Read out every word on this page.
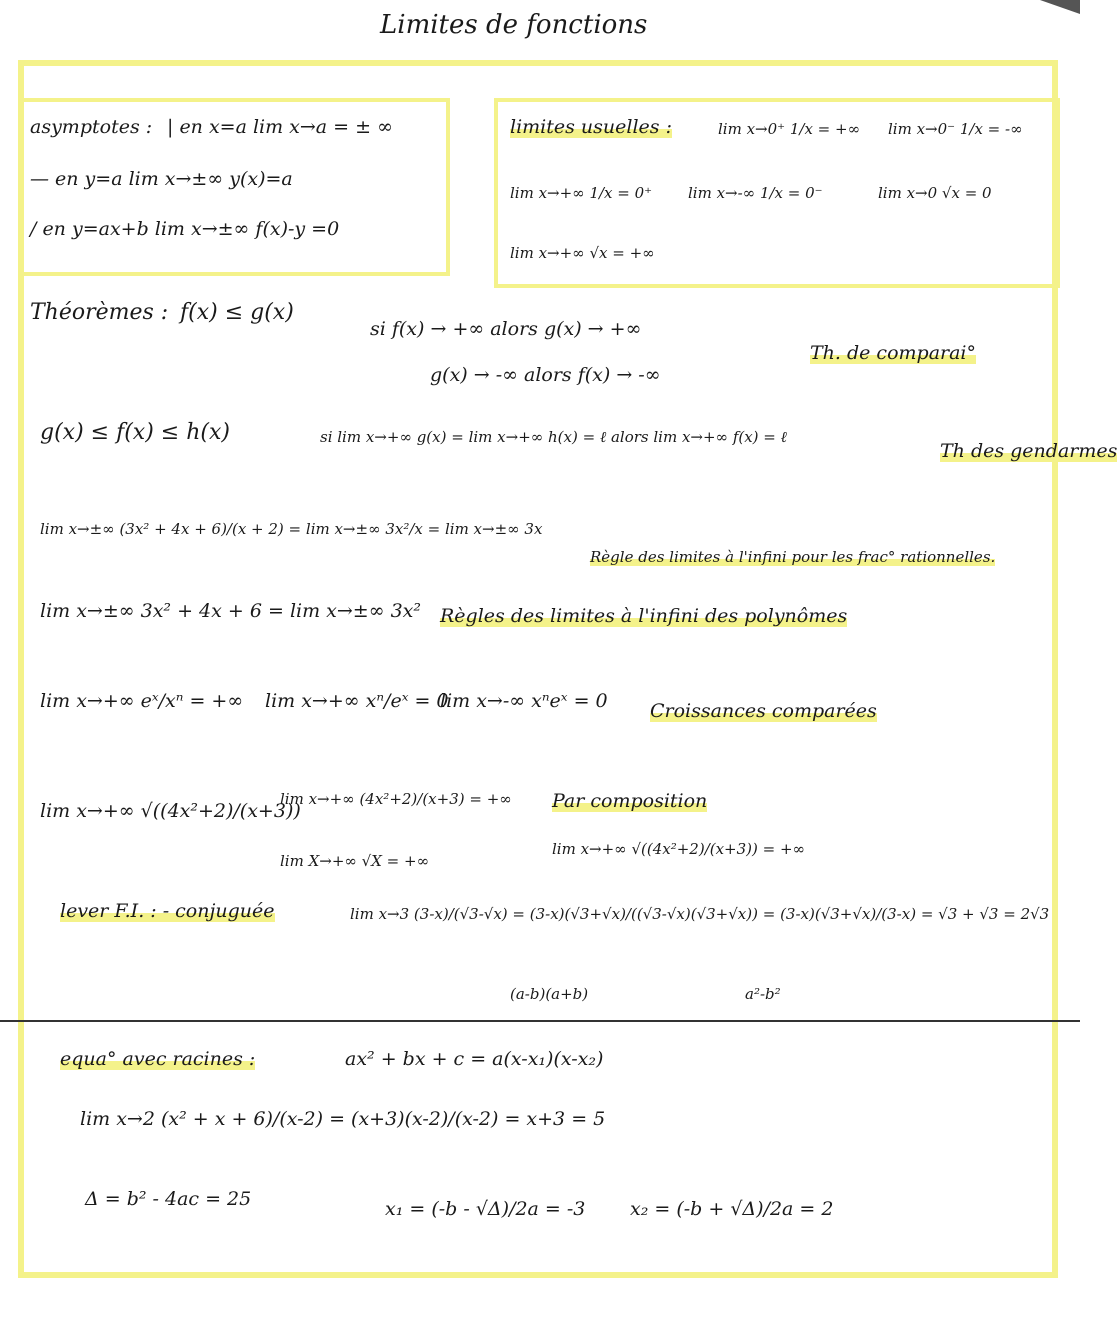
Limites de fonctions
asymptotes : | en x=a lim x→a = ± ∞
— en y=a lim x→±∞ y(x)=a
/ en y=ax+b lim x→±∞ f(x)-y =0
limites usuelles :	lim x→0⁺ 1/x = +∞ lim x→0⁻ 1/x = -∞
lim x→+∞ 1/x = 0⁺ lim x→-∞ 1/x = 0⁻	lim x→0 √x = 0
lim x→+∞ √x = +∞
Théorèmes : f(x) ≤ g(x)
si f(x) → +∞ alors g(x) → +∞
g(x) → -∞ alors f(x) → -∞
Th. de comparai°
g(x) ≤ f(x) ≤ h(x)	si lim x→+∞ g(x) = lim x→+∞ h(x) = ℓ alors lim x→+∞ f(x) = ℓ
Th des gendarmes
lim x→±∞ (3x² + 4x + 6)/(x + 2) = lim x→±∞ 3x²/x = lim x→±∞ 3x
Règle des limites à l'infini pour les frac° rationnelles.
lim x→±∞ 3x² + 4x + 6 = lim x→±∞ 3x² Règles des limites à l'infini des polynômes
lim x→+∞ eˣ/xⁿ = +∞ lim x→+∞ xⁿ/eˣ = 0
lim x→-∞ xⁿeˣ = 0 Croissances comparées
lim x→+∞ √((4x²+2)/(x+3))
lim x→+∞ (4x²+2)/(x+3) = +∞
lim X→+∞ √X = +∞
Par composition
lim x→+∞ √((4x²+2)/(x+3)) = +∞
lever F.I. : - conjuguée	lim x→3 (3-x)/(√3-√x) = (3-x)(√3+√x)/((√3-√x)(√3+√x)) = (3-x)(√3+√x)/(3-x) = √3 + √3 = 2√3
(a-b)(a+b)	a²-b²
equa° avec racines :	ax² + bx + c = a(x-x₁)(x-x₂)
lim x→2 (x² + x + 6)/(x-2) = (x+3)(x-2)/(x-2) = x+3 = 5
Δ = b² - 4ac = 25	x₁ = (-b - √Δ)/2a = -3 x₂ = (-b + √Δ)/2a = 2
